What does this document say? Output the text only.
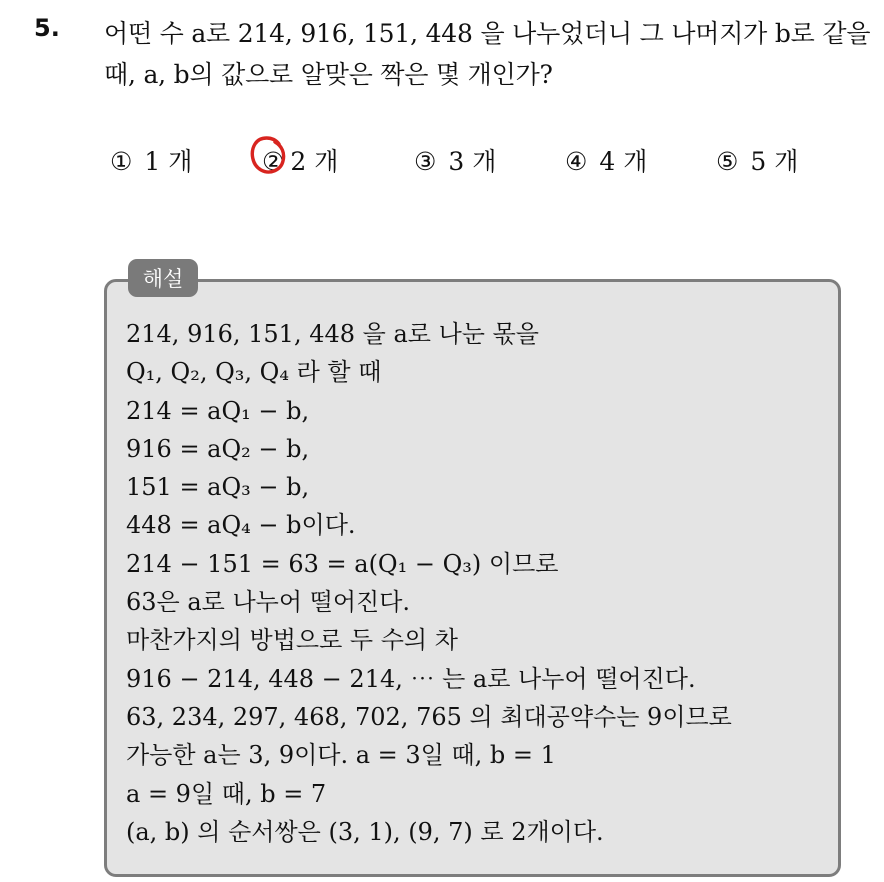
5. 어떤 수 a로 214, 916, 151, 448 을 나누었더니 그 나머지가 b로 같을
때, a, b의 값으로 알맞은 짝은 몇 개인가?
① 1 개	② 2 개	③ 3 개	④ 4 개	⑤ 5 개
해설
214, 916, 151, 448 을 a로 나눈 몫을
Q₁, Q₂, Q₃, Q₄ 라 할 때
214 = aQ₁ − b,
916 = aQ₂ − b,
151 = aQ₃ − b,
448 = aQ₄ − b이다.
214 − 151 = 63 = a(Q₁ − Q₃) 이므로
63은 a로 나누어 떨어진다.
마찬가지의 방법으로 두 수의 차
916 − 214, 448 − 214, ⋯ 는 a로 나누어 떨어진다.
63, 234, 297, 468, 702, 765 의 최대공약수는 9이므로
가능한 a는 3, 9이다. a = 3일 때, b = 1
a = 9일 때, b = 7
(a, b) 의 순서쌍은 (3, 1), (9, 7) 로 2개이다.
